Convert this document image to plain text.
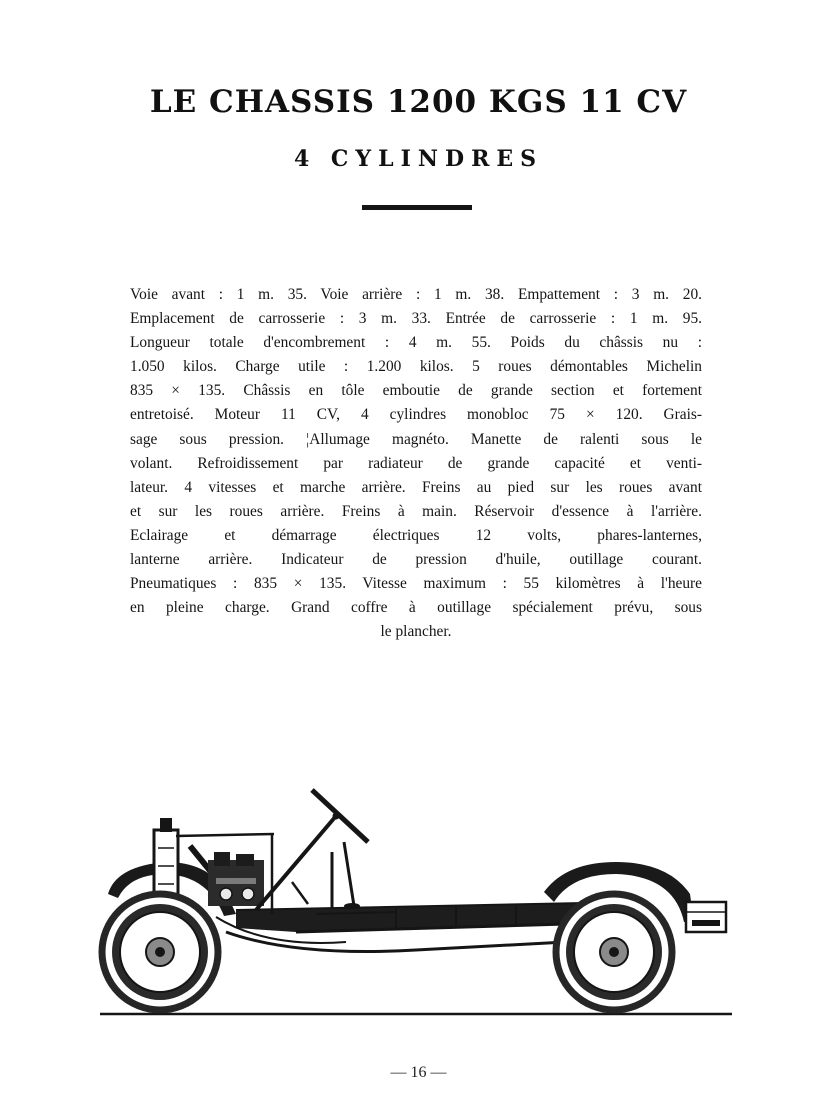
LE CHASSIS 1200 KGS 11 CV
4 CYLINDRES
Voie avant : 1 m. 35. Voie arrière : 1 m. 38. Empattement : 3 m. 20.
Emplacement de carrosserie : 3 m. 33. Entrée de carrosserie : 1 m. 95.
Longueur totale d'encombrement : 4 m. 55. Poids du châssis nu :
1.050 kilos. Charge utile : 1.200 kilos. 5 roues démontables Michelin
835 × 135. Châssis en tôle emboutie de grande section et fortement
entretoisé. Moteur 11 CV, 4 cylindres monobloc 75 × 120. Grais-
sage sous pression. ¦Allumage magnéto. Manette de ralenti sous le
volant. Refroidissement par radiateur de grande capacité et venti-
lateur. 4 vitesses et marche arrière. Freins au pied sur les roues avant
et sur les roues arrière. Freins à main. Réservoir d'essence à l'arrière.
Eclairage et démarrage électriques 12 volts, phares-lanternes,
lanterne arrière. Indicateur de pression d'huile, outillage courant.
Pneumatiques : 835 × 135. Vitesse maximum : 55 kilomètres à l'heure
en pleine charge. Grand coffre à outillage spécialement prévu, sous
le plancher.
— 16 —
